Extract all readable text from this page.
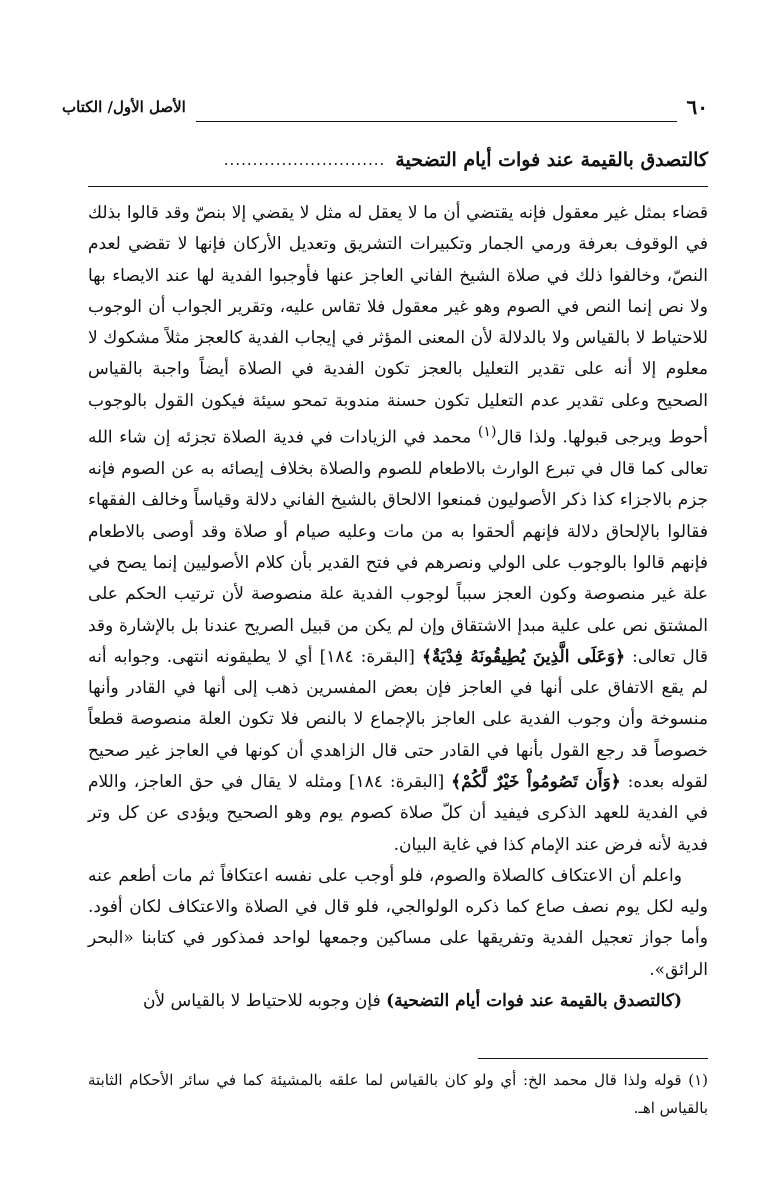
٦٠
الأصل الأول/ الكتاب
كالتصدق بالقيمة عند فوات أيام التضحية
............................

قضاء بمثل غير معقول فإنه يقتضي أن ما لا يعقل له مثل لا يقضي إلا بنصّ وقد قالوا بذلك في الوقوف بعرفة ورمي الجمار وتكبيرات التشريق وتعديل الأركان فإنها لا تقضي لعدم النصّ، وخالفوا ذلك في صلاة الشيخ الفاني العاجز عنها فأوجبوا الفدية لها عند الايصاء بها ولا نص إنما النص في الصوم وهو غير معقول فلا تقاس عليه، وتقرير الجواب أن الوجوب للاحتياط لا بالقياس ولا بالدلالة لأن المعنى المؤثر في إيجاب الفدية كالعجز مثلاً مشكوك لا معلوم إلا أنه على تقدير التعليل بالعجز تكون الفدية في الصلاة أيضاً واجبة بالقياس الصحيح وعلى تقدير عدم التعليل تكون حسنة مندوبة تمحو سيئة فيكون القول بالوجوب أحوط ويرجى قبولها. ولذا قال$^{(١)}$ محمد في الزيادات في فدية الصلاة تجزئه إن شاء الله تعالى كما قال في تبرع الوارث بالاطعام للصوم والصلاة بخلاف إيصائه به عن الصوم فإنه جزم بالاجزاء كذا ذكر الأصوليون فمنعوا الالحاق بالشيخ الفاني دلالة وقياساً وخالف الفقهاء فقالوا بالإلحاق دلالة فإنهم ألحقوا به من مات وعليه صيام أو صلاة وقد أوصى بالاطعام فإنهم قالوا بالوجوب على الولي ونصرهم في فتح القدير بأن كلام الأصوليين إنما يصح في علة غير منصوصة وكون العجز سبباً لوجوب الفدية علة منصوصة لأن ترتيب الحكم على المشتق نص على علية مبدإ الاشتقاق وإن لم يكن من قبيل الصريح عندنا بل بالإشارة وقد قال تعالى: ﴿وَعَلَى الَّذِينَ يُطِيقُونَهُ فِدْيَةٌ﴾ [البقرة: ١٨٤] أي لا يطيقونه انتهى. وجوابه أنه لم يقع الاتفاق على أنها في العاجز فإن بعض المفسرين ذهب إلى أنها في القادر وأنها منسوخة وأن وجوب الفدية على العاجز بالإجماع لا بالنص فلا تكون العلة منصوصة قطعاً خصوصاً قد رجع القول بأنها في القادر حتى قال الزاهدي أن كونها في العاجز غير صحيح لقوله بعده: ﴿وَأَن تَصُومُواْ خَيْرٌ لَّكُمْ﴾ [البقرة: ١٨٤] ومثله لا يقال في حق العاجز، واللام في الفدية للعهد الذكرى فيفيد أن كلّ صلاة كصوم يوم وهو الصحيح ويؤدى عن كل وتر فدية لأنه فرض عند الإمام كذا في غاية البيان.

واعلم أن الاعتكاف كالصلاة والصوم، فلو أوجب على نفسه اعتكافاً ثم مات أطعم عنه وليه لكل يوم نصف صاع كما ذكره الولوالجي، فلو قال في الصلاة والاعتكاف لكان أفود. وأما جواز تعجيل الفدية وتفريقها على مساكين وجمعها لواحد فمذكور في كتابنا «البحر الرائق».

(كالتصدق بالقيمة عند فوات أيام التضحية) فإن وجوبه للاحتياط لا بالقياس لأن

(١) قوله ولذا قال محمد الخ: أي ولو كان بالقياس لما علقه بالمشيئة كما في سائر الأحكام الثابتة بالقياس اهـ.
